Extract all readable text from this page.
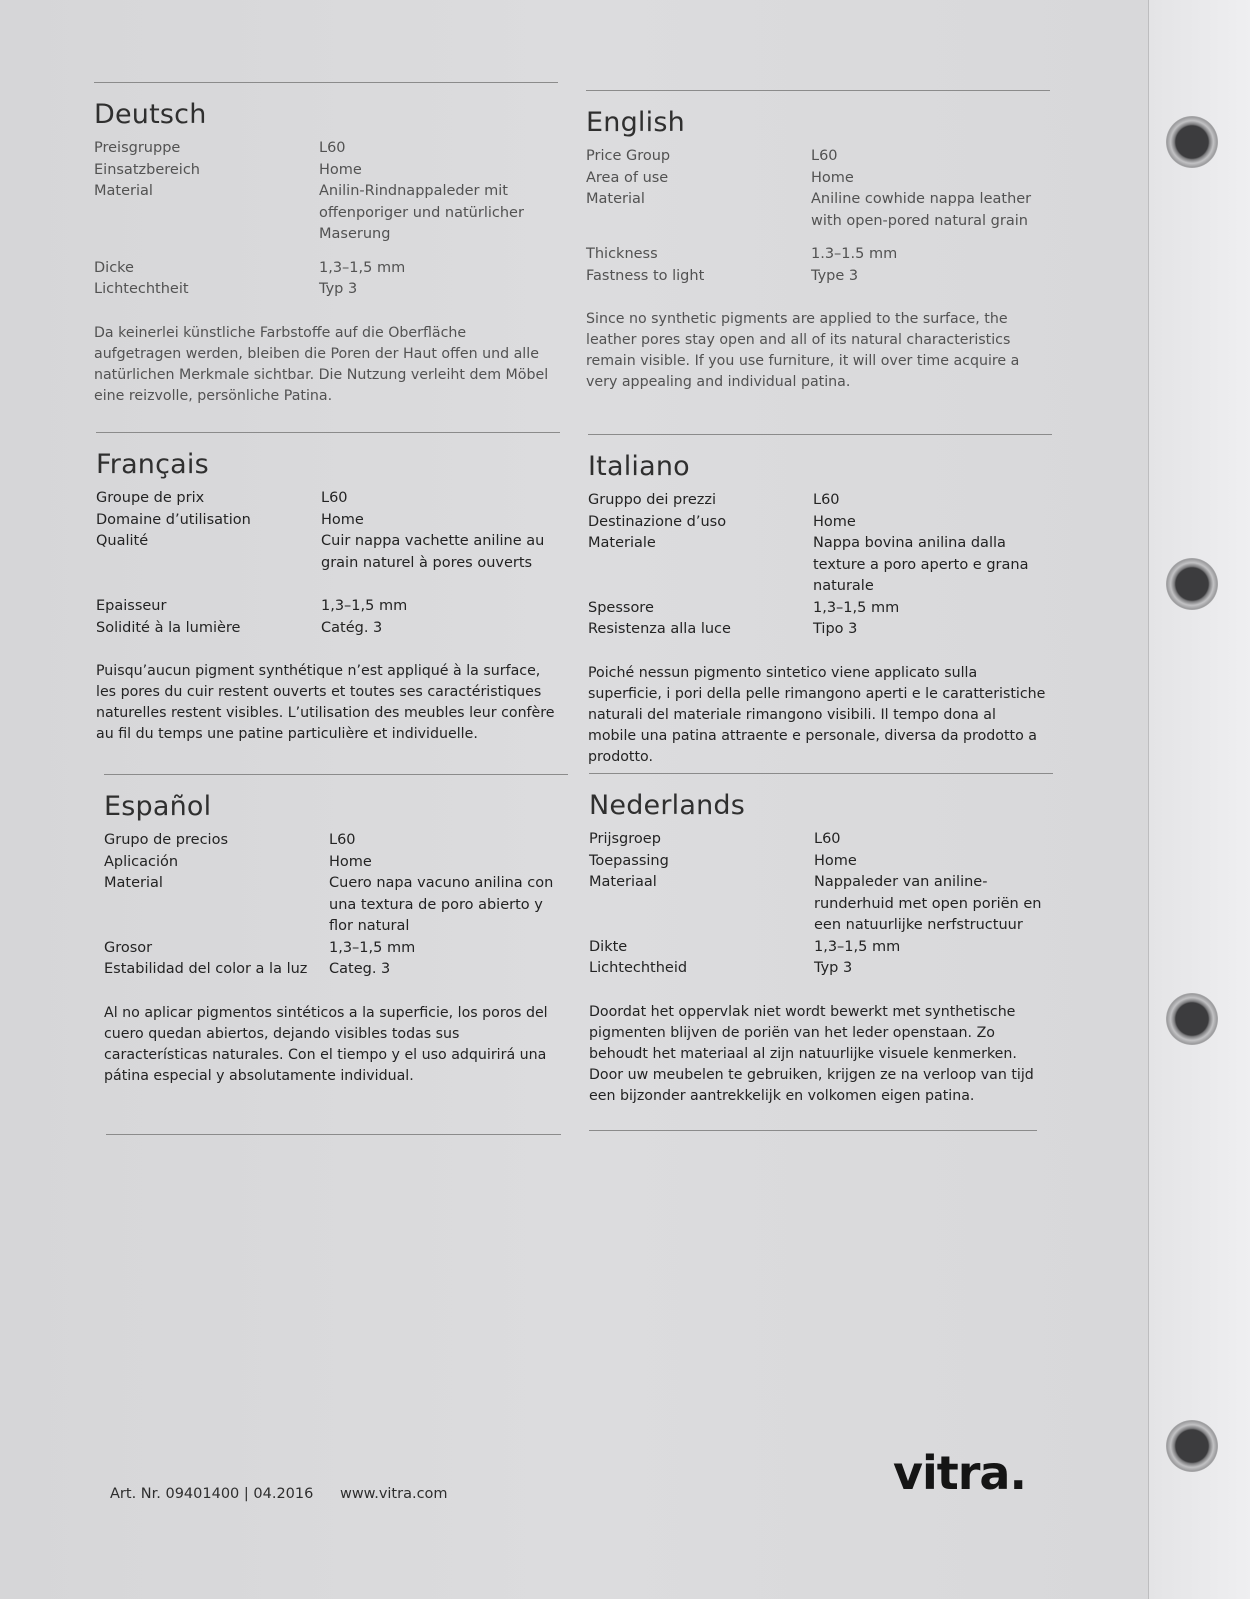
Deutsch
Preisgruppe	L60
Einsatzbereich	Home
Material	Anilin-Rindnappaleder mit offenporiger und natürlicher Maserung
Dicke	1,3–1,5 mm
Lichtechtheit	Typ 3

Da keinerlei künstliche Farbstoffe auf die Oberfläche aufgetragen werden, bleiben die Poren der Haut offen und alle natürlichen Merkmale sichtbar. Die Nutzung verleiht dem Möbel eine reizvolle, persönliche Patina.

English
Price Group	L60
Area of use	Home
Material	Aniline cowhide nappa leather with open-pored natural grain
Thickness	1.3–1.5 mm
Fastness to light	Type 3

Since no synthetic pigments are applied to the surface, the leather pores stay open and all of its natural characteristics remain visible. If you use furniture, it will over time acquire a very appealing and individual patina.

Français
Groupe de prix	L60
Domaine d’utilisation	Home
Qualité	Cuir nappa vachette aniline au grain naturel à pores ouverts
Epaisseur	1,3–1,5 mm
Solidité à la lumière	Catég. 3

Puisqu’aucun pigment synthétique n’est appliqué à la surface, les pores du cuir restent ouverts et toutes ses caractéristiques naturelles restent visibles. L’utilisation des meubles leur confère au fil du temps une patine particulière et individuelle.

Italiano
Gruppo dei prezzi	L60
Destinazione d’uso	Home
Materiale	Nappa bovina anilina dalla texture a poro aperto e grana naturale
Spessore	1,3–1,5 mm
Resistenza alla luce	Tipo 3

Poiché nessun pigmento sintetico viene applicato sulla superficie, i pori della pelle rimangono aperti e le caratteristiche naturali del materiale rimangono visibili. Il tempo dona al mobile una patina attraente e personale, diversa da prodotto a prodotto.

Español
Grupo de precios	L60
Aplicación	Home
Material	Cuero napa vacuno anilina con una textura de poro abierto y flor natural
Grosor	1,3–1,5 mm
Estabilidad del color a la luz	Categ. 3

Al no aplicar pigmentos sintéticos a la superficie, los poros del cuero quedan abiertos, dejando visibles todas sus características naturales. Con el tiempo y el uso adquirirá una pátina especial y absolutamente individual.

Nederlands
Prijsgroep	L60
Toepassing	Home
Materiaal	Nappaleder van aniline-runderhuid met open poriën en een natuurlijke nerfstructuur
Dikte	1,3–1,5 mm
Lichtechtheid	Typ 3

Doordat het oppervlak niet wordt bewerkt met synthetische pigmenten blijven de poriën van het leder openstaan. Zo behoudt het materiaal al zijn natuurlijke visuele kenmerken. Door uw meubelen te gebruiken, krijgen ze na verloop van tijd een bijzonder aantrekkelijk en volkomen eigen patina.

Art. Nr. 09401400 | 04.2016 www.vitra.com	vitra.
